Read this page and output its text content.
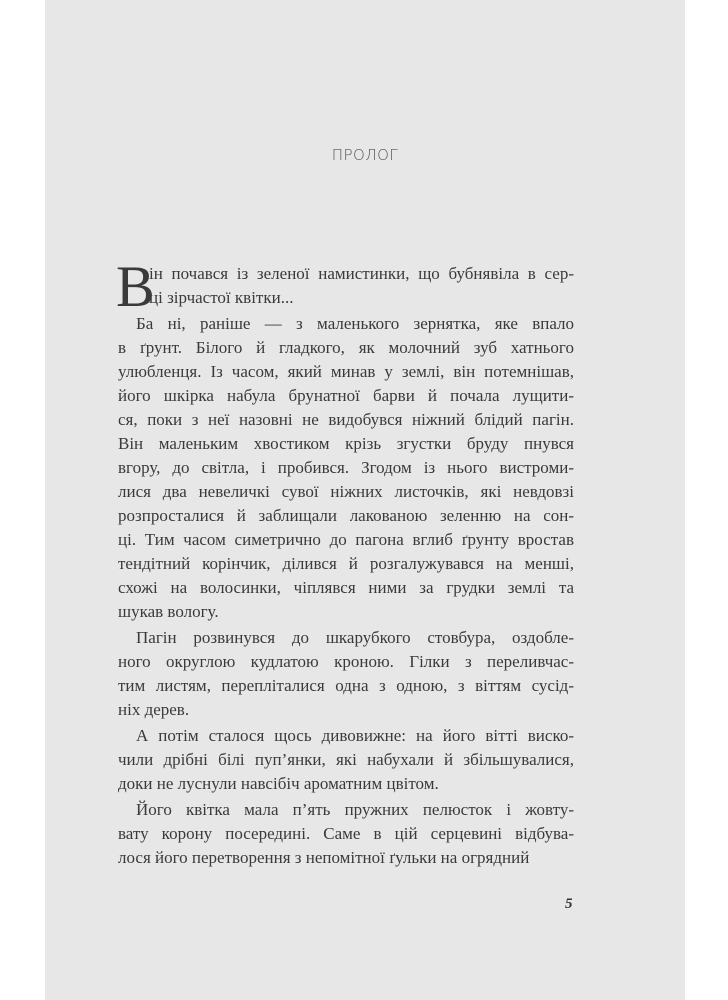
ПРОЛОГ
В
ін почався із зеленої намистинки, що бубнявіла в сер-
ці зірчастої квітки...
Ба ні, раніше — з маленького зернятка, яке впало
в ґрунт. Білого й гладкого, як молочний зуб хатнього
улюбленця. Із часом, який минав у землі, він потемнішав,
його шкірка набула брунатної барви й почала лущити-
ся, поки з неї назовні не видобувся ніжний блідий пагін.
Він маленьким хвостиком крізь згустки бруду пнувся
вгору, до світла, і пробився. Згодом із нього вистроми-
лися два невеличкі сувої ніжних листочків, які невдовзі
розпросталися й заблищали лакованою зеленню на сон-
ці. Тим часом симетрично до пагона вглиб ґрунту вростав
тендітний корінчик, ділився й розгалужувався на менші,
схожі на волосинки, чіплявся ними за грудки землі та
шукав вологу.
Пагін розвинувся до шкарубкого стовбура, оздобле-
ного округлою кудлатою кроною. Гілки з переливчас-
тим листям, перепліталися одна з одною, з віттям сусід-
ніх дерев.
А потім сталося щось дивовижне: на його вітті виско-
чили дрібні білі пуп’янки, які набухали й збільшувалися,
доки не луснули навсібіч ароматним цвітом.
Його квітка мала п’ять пружних пелюсток і жовту-
вату корону посередині. Саме в цій серцевині відбува-
лося його перетворення з непомітної ґульки на огрядний
5
